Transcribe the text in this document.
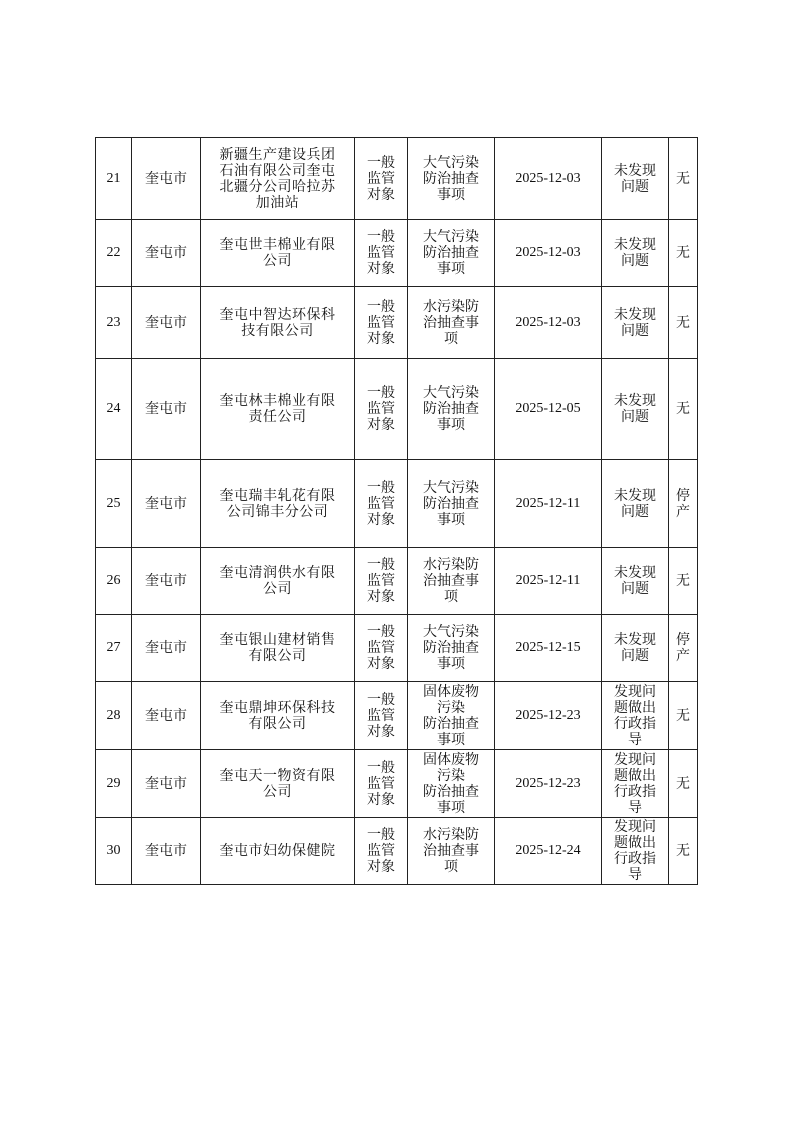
21	奎屯市	新疆生产建设兵团
石油有限公司奎屯
北疆分公司哈拉苏
加油站	一般
监管
对象	大气污染
防治抽查
事项	2025-12-03	未发现
问题	无
22	奎屯市	奎屯世丰棉业有限
公司	一般
监管
对象	大气污染
防治抽查
事项	2025-12-03	未发现
问题	无
23	奎屯市	奎屯中智达环保科
技有限公司	一般
监管
对象	水污染防
治抽查事
项	2025-12-03	未发现
问题	无
24	奎屯市	奎屯林丰棉业有限
责任公司	一般
监管
对象	大气污染
防治抽查
事项	2025-12-05	未发现
问题	无
25	奎屯市	奎屯瑞丰轧花有限
公司锦丰分公司	一般
监管
对象	大气污染
防治抽查
事项	2025-12-11	未发现
问题	停
产
26	奎屯市	奎屯清润供水有限
公司	一般
监管
对象	水污染防
治抽查事
项	2025-12-11	未发现
问题	无
27	奎屯市	奎屯银山建材销售
有限公司	一般
监管
对象	大气污染
防治抽查
事项	2025-12-15	未发现
问题	停
产
28	奎屯市	奎屯鼎坤环保科技
有限公司	一般
监管
对象	固体废物
污染
防治抽查
事项	2025-12-23	发现问
题做出
行政指
导	无
29	奎屯市	奎屯天一物资有限
公司	一般
监管
对象	固体废物
污染
防治抽查
事项	2025-12-23	发现问
题做出
行政指
导	无
30	奎屯市	奎屯市妇幼保健院	一般
监管
对象	水污染防
治抽查事
项	2025-12-24	发现问
题做出
行政指
导	无
